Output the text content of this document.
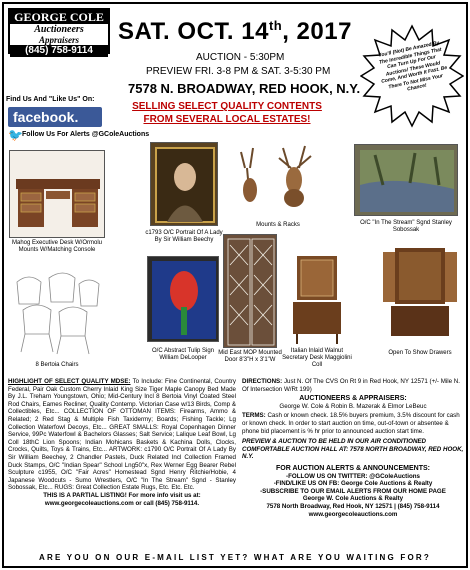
GEORGE COLE
Auctioneers
Appraisers
(845) 758-9114
Find Us And "Like Us" On:
facebook.
🐦 Follow Us For Alerts @GColeAuctions
SAT. OCT. 14th, 2017
AUCTION - 5:30PM
PREVIEW FRI. 3-8 PM & SAT. 3-5:30 PM
7578 N. BROADWAY, RED HOOK, N.Y.
SELLING SELECT QUALITY CONTENTS FROM SEVERAL LOCAL ESTATES!
You'll (Not) Be Amazed By The Incredible Things That Can Turn Up For Our Auctions! These Would Come, And Worth It Fast. Be There To Not Miss Your Chance!
Mahog Executive Desk W/Ormolu Mounts W/Matching Console
c1793 O/C Portrait Of A Lady By Sir William Beechy
Mounts & Racks	O/C "In The Stream" Sgnd Stanley Sobossak
8 Bertoia Chairs
O/C Abstract Tulip Sign William DeLooper
Mid East MOP Mounted Door 8'3"H x 3'1"W
Italian Inlaid Walnut Secretary Desk Maggiolini Coll
Open To Show Drawers
HIGHLIGHT OF SELECT QUALITY MDSE: To Include: Fine Continental, Country Federal, Pair Oak Custom Cherry Inlaid King Size Tiger Maple Canopy Bed Made By J.L. Treharn Youngstown, Ohio; Mid-Century Incl 8 Bertoia Vinyl Coated Steel Rod Chairs, Eames Recliner, Quality Contemp. Victorian Case w/13 Birds, Comp & Collectibles, Etc... COLLECTION OF OTTOMAN ITEMS: Firearms, Ammo & Related; 2 Red Stag & Multiple Fish Taxidermy; Boards; Fishing Tackle; Lg Collection Waterfowl Decoys, Etc... GREAT SMALLS: Royal Copenhagen Dinner Service, 99Pc Waterfowl & Bachelors Glasses; Salt Service; Lalique Leaf Bowl, Lg Coll 18thC Lion Spoons; Indian Mohicans Baskets & Kachina Dolls, Clocks, Crocks, Quilts, Toys & Trains, Etc... ARTWORK: c1790 O/C Portrait Of A Lady By Sir William Beechey, 2 Chandler Pastels, Duck Related Incl Collection Framed Duck Stamps, O/C "Indian Spear" School Lng50"x, Rex Werner Egg Bearer Rebel Sculpture c1955, O/C "Fair Acres" Homestead Sgnd Henry Ritchie/Hobie, 4 Japanese Woodcuts - Sumo Wrestlers, O/C "In The Stream" Sgnd - Stanley Sobossak, Etc... RUGS: Great Collection Estate Rugs, Etc. Etc. Etc.
THIS IS A PARTIAL LISTING! For more info visit us at:
www.georgecoleauctions.com or call (845) 758-9114.
DIRECTIONS: Just N. Of The CVS On Rt 9 in Red Hook, NY 12571 (+/- Mile N. Of Intersection W/Rt 199)
AUCTIONEERS & APPRAISERS:
George W. Cole & Robin B. Mazerak & Elmor LeBeuc
TERMS: Cash or known check. 18.5% buyers premium, 3.5% discount for cash or known check. In order to start auction on time, out-of-town or absentee & phone bid placement is % hr prior to announced auction start time.
PREVIEW & AUCTION TO BE HELD IN OUR AIR CONDITIONED COMFORTABLE AUCTION HALL AT: 7578 NORTH BROADWAY, RED HOOK, N.Y.
FOR AUCTION ALERTS & ANNOUNCEMENTS:
-FOLLOW US ON TWITTER: @GColeAuctions
-FIND/LIKE US ON FB: George Cole Auctions & Realty
-SUBSCRIBE TO OUR EMAIL ALERTS FROM OUR HOME PAGE
George W. Cole Auctions & Realty
7578 North Broadway, Red Hook, NY 12571 | (845) 758-9114
www.georgecoleauctions.com
ARE YOU ON OUR E-MAIL LIST YET? WHAT ARE YOU WAITING FOR?
